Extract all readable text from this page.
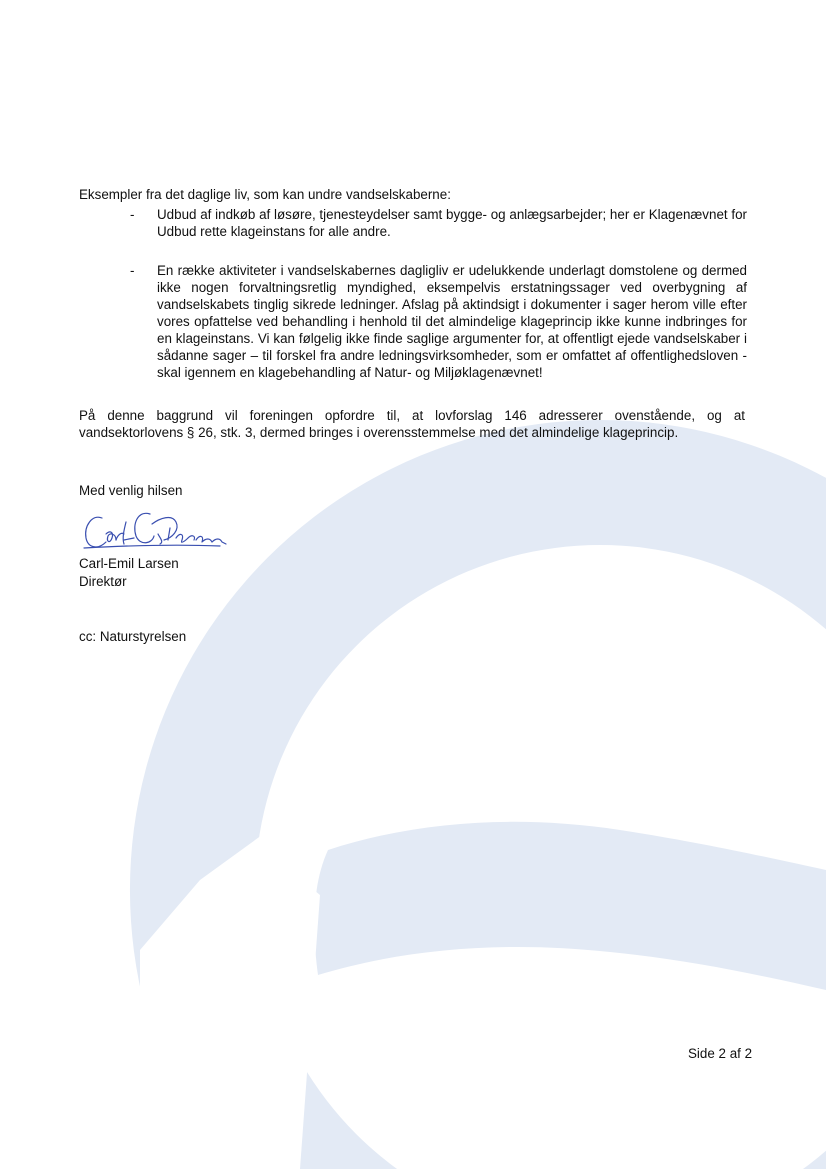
Eksempler fra det daglige liv, som kan undre vandselskaberne:

-	Udbud af indkøb af løsøre, tjenesteydelser samt bygge- og anlægsarbejder; her er Klagenævnet for Udbud rette klageinstans for alle andre.

-	En række aktiviteter i vandselskabernes dagligliv er udelukkende underlagt domstolene og dermed ikke nogen forvaltningsretlig myndighed, eksempelvis erstatningssager ved overbygning af vandselskabets tinglig sikrede ledninger. Afslag på aktindsigt i dokumenter i sager herom ville efter vores opfattelse ved behandling i henhold til det almindelige klageprincip ikke kunne indbringes for en klageinstans. Vi kan følgelig ikke finde saglige argumenter for, at offentligt ejede vandselskaber i sådanne sager – til forskel fra andre ledningsvirksomheder, som er omfattet af offentlighedsloven - skal igennem en klagebehandling af Natur- og Miljøklagenævnet!

På denne baggrund vil foreningen opfordre til, at lovforslag 146 adresserer ovenstående, og at vandsektorlovens § 26, stk. 3, dermed bringes i overensstemmelse med det almindelige klageprincip.

Med venlig hilsen

Carl-Emil Larsen

Direktør

cc: Naturstyrelsen

Side 2 af 2
